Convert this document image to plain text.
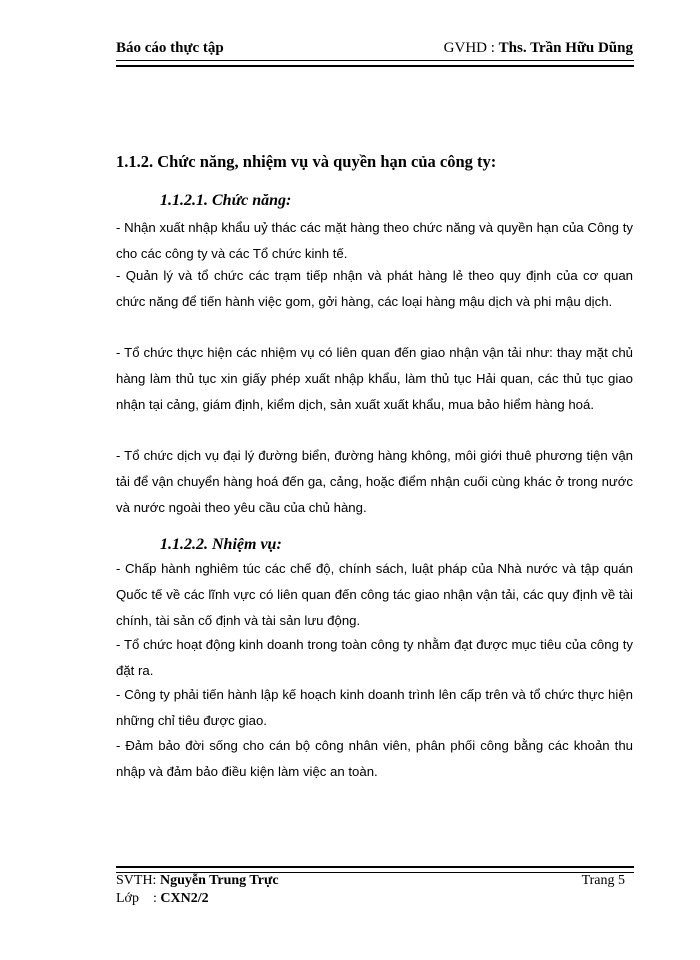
Báo cáo thực tập	GVHD : Ths. Trần Hữu Dũng
1.1.2. Chức năng, nhiệm vụ và quyền hạn của công ty:
1.1.2.1. Chức năng:

- Nhận xuất nhập khẩu uỷ thác các mặt hàng theo chức năng và quyền hạn của Công ty cho các công ty và các Tổ chức kinh tế.

- Quản lý và tổ chức các trạm tiếp nhận và phát hàng lẻ theo quy định của cơ quan chức năng để tiến hành việc gom, gởi hàng, các loại hàng mậu dịch và phi mậu dịch.

- Tổ chức thực hiện các nhiệm vụ có liên quan đến giao nhận vận tải như: thay mặt chủ hàng làm thủ tục xin giấy phép xuất nhập khẩu, làm thủ tục Hải quan, các thủ tục giao nhận tại cảng, giám định, kiểm dịch, sản xuất xuất khẩu, mua bảo hiểm hàng hoá.

- Tổ chức dịch vụ đại lý đường biển, đường hàng không, môi giới thuê phương tiện vận tải để vận chuyển hàng hoá đến ga, cảng, hoặc điểm nhận cuối cùng khác ở trong nước và nước ngoài theo yêu cầu của chủ hàng.

1.1.2.2. Nhiệm vụ:

- Chấp hành nghiêm túc các chế độ, chính sách, luật pháp của Nhà nước và tập quán Quốc tế về các lĩnh vực có liên quan đến công tác giao nhận vận tải, các quy định về tài chính, tài sản cố định và tài sản lưu động.

- Tổ chức hoạt động kinh doanh trong toàn công ty nhằm đạt được mục tiêu của công ty đặt ra.

- Công ty phải tiến hành lập kế hoạch kinh doanh trình lên cấp trên và tổ chức thực hiện những chỉ tiêu được giao.

- Đảm bảo đời sống cho cán bộ công nhân viên, phân phối công bằng các khoản thu nhập và đảm bảo điều kiện làm việc an toàn.

SVTH: Nguyễn Trung Trực	Trang 5
Lớp    : CXN2/2
